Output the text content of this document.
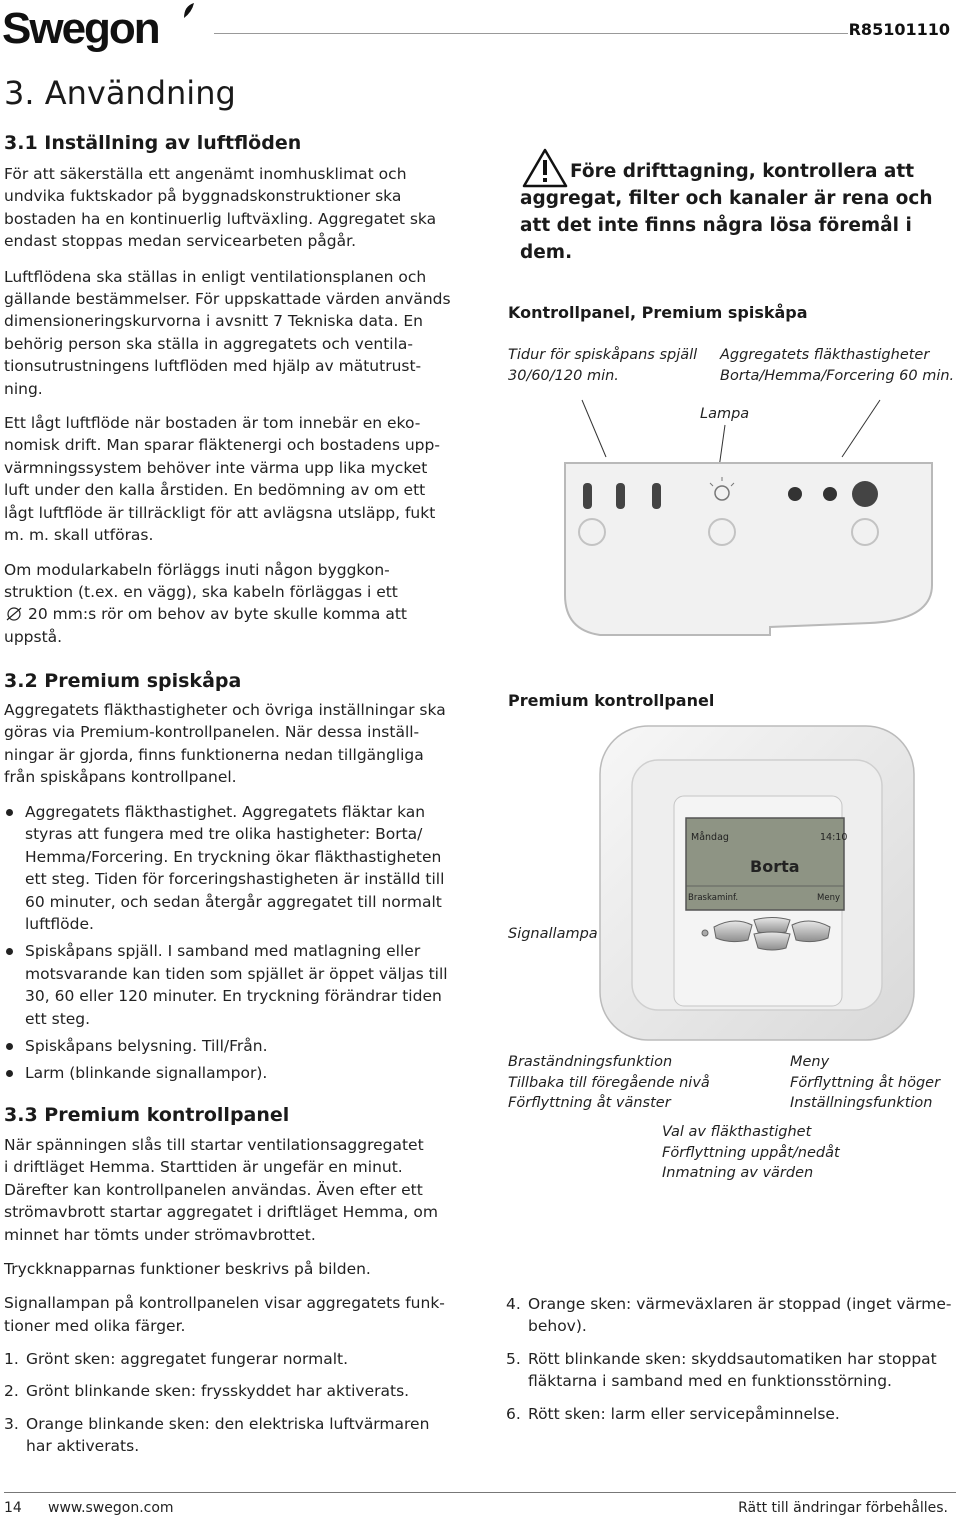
Swegon	R85101110
3. Användning
3.1 Inställning av luftflöden
För att säkerställa ett angenämt inomhusklimat och
undvika fuktskador på byggnadskonstruktioner ska
bostaden ha en kontinuerlig luftväxling. Aggregatet ska
endast stoppas medan servicearbeten pågår.
Luftflödena ska ställas in enligt ventilationsplanen och
gällande bestämmelser. För uppskattade värden används
dimensioneringskurvorna i avsnitt 7 Tekniska data. En
behörig person ska ställa in aggregatets och ventila-
tionsutrustningens luftflöden med hjälp av mätutrust-
ning.
Ett lågt luftflöde när bostaden är tom innebär en eko-
nomisk drift. Man sparar fläktenergi och bostadens upp-
värmningssystem behöver inte värma upp lika mycket
luft under den kalla årstiden. En bedömning av om ett
lågt luftflöde är tillräckligt för att avlägsna utsläpp, fukt
m. m. skall utföras.
Om modularkabeln förläggs inuti någon byggkon-
struktion (t.ex. en vägg), ska kabeln förläggas i ett
20 mm:s rör om behov av byte skulle komma att
uppstå.
Före drifttagning, kontrollera att
aggregat, filter och kanaler är rena och
att det inte finns några lösa föremål i
dem.
Kontrollpanel, Premium spiskåpa
Tidur för spiskåpans spjäll
30/60/120 min.
Aggregatets fläkthastigheter
Borta/Hemma/Forcering 60 min.
Lampa
3.2 Premium spiskåpa
Aggregatets fläkthastigheter och övriga inställningar ska
göras via Premium-kontrollpanelen. När dessa inställ-
ningar är gjorda, finns funktionerna nedan tillgängliga
från spiskåpans kontrollpanel.
Aggregatets fläkthastighet. Aggregatets fläktar kan
styras att fungera med tre olika hastigheter: Borta/
Hemma/Forcering. En tryckning ökar fläkthastigheten
ett steg. Tiden för forceringshastigheten är inställd till
60 minuter, och sedan återgår aggregatet till normalt
luftflöde.
Spiskåpans spjäll. I samband med matlagning eller
motsvarande kan tiden som spjället är öppet väljas till
30, 60 eller 120 minuter. En tryckning förändrar tiden
ett steg.
Spiskåpans belysning. Till/Från.
Larm (blinkande signallampor).
3.3 Premium kontrollpanel
När spänningen slås till startar ventilationsaggregatet
i driftläget Hemma. Starttiden är ungefär en minut.
Därefter kan kontrollpanelen användas. Även efter ett
strömavbrott startar aggregatet i driftläget Hemma, om
minnet har tömts under strömavbrottet.
Tryckknapparnas funktioner beskrivs på bilden.
Signallampan på kontrollpanelen visar aggregatets funk-
tioner med olika färger.
1. Grönt sken: aggregatet fungerar normalt.
2. Grönt blinkande sken: frysskyddet har aktiverats.
3. Orange blinkande sken: den elektriska luftvärmaren
har aktiverats.
4. Orange sken: värmeväxlaren är stoppad (inget värme-
behov).
5. Rött blinkande sken: skyddsautomatiken har stoppat
fläktarna i samband med en funktionsstörning.
6. Rött sken: larm eller servicepåminnelse.
Premium kontrollpanel
Måndag	14:10
Borta
Braskaminf.	Meny
Signallampa
Braständningsfunktion
Tillbaka till föregående nivå
Förflyttning åt vänster
Meny
Förflyttning åt höger
Inställningsfunktion
Val av fläkthastighet
Förflyttning uppåt/nedåt
Inmatning av värden
14 www.swegon.com	Rätt till ändringar förbehålles.
